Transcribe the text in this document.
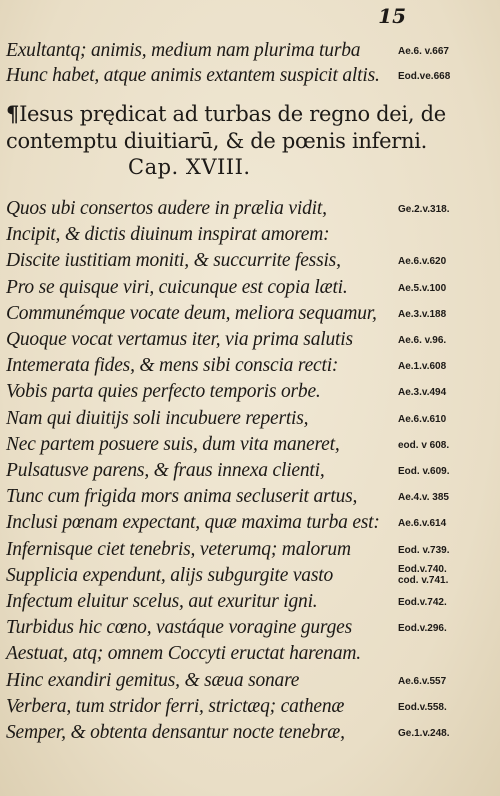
15
Exultantq; animis, medium nam plurima turba	Ae.6. v.667
Hunc habet, atque animis extantem suspicit altis. Eod.ve.668
¶Iesus prędicat ad turbas de regno dei, de
contemptu diuitiarū, & de pœnis inferni.
Cap. XVIII.
Quos ubi consertos audere in prælia vidit,	Ge.2.v.318.
Incipit, & dictis diuinum inspirat amorem:
Discite iustitiam moniti, & succurrite fessis,	Ae.6.v.620
Pro se quisque viri, cuicunque est copia læti.	Ae.5.v.100
Communémque vocate deum, meliora sequamur, Ae.3.v.188
Quoque vocat vertamus iter, via prima salutis	Ae.6. v.96.
Intemerata fides, & mens sibi conscia recti:	Ae.1.v.608
Vobis parta quies perfecto temporis orbe.	Ae.3.v.494
Nam qui diuitijs soli incubuere repertis,	Ae.6.v.610
Nec partem posuere suis, dum vita maneret,	eod. v 608.
Pulsatusve parens, & fraus innexa clienti,	Eod. v.609.
Tunc cum frigida mors anima secluserit artus,	Ae.4.v. 385
Inclusi pœnam expectant, quæ maxima turba est: Ae.6.v.614
Infernisque ciet tenebris, veterumq; malorum	Eod. v.739.
Supplicia expendunt, alijs subgurgite vasto	Eod.v.740.
cod. v.741.
Infectum eluitur scelus, aut exuritur igni.	Eod.v.742.
Turbidus hic cœno, vastáque voragine gurges	Eod.v.296.
Aestuat, atq; omnem Coccyti eructat harenam.
Hinc exandiri gemitus, & sæua sonare	Ae.6.v.557
Verbera, tum stridor ferri, strictæq; cathenæ	Eod.v.558.
Semper, & obtenta densantur nocte tenebræ,	Ge.1.v.248.
